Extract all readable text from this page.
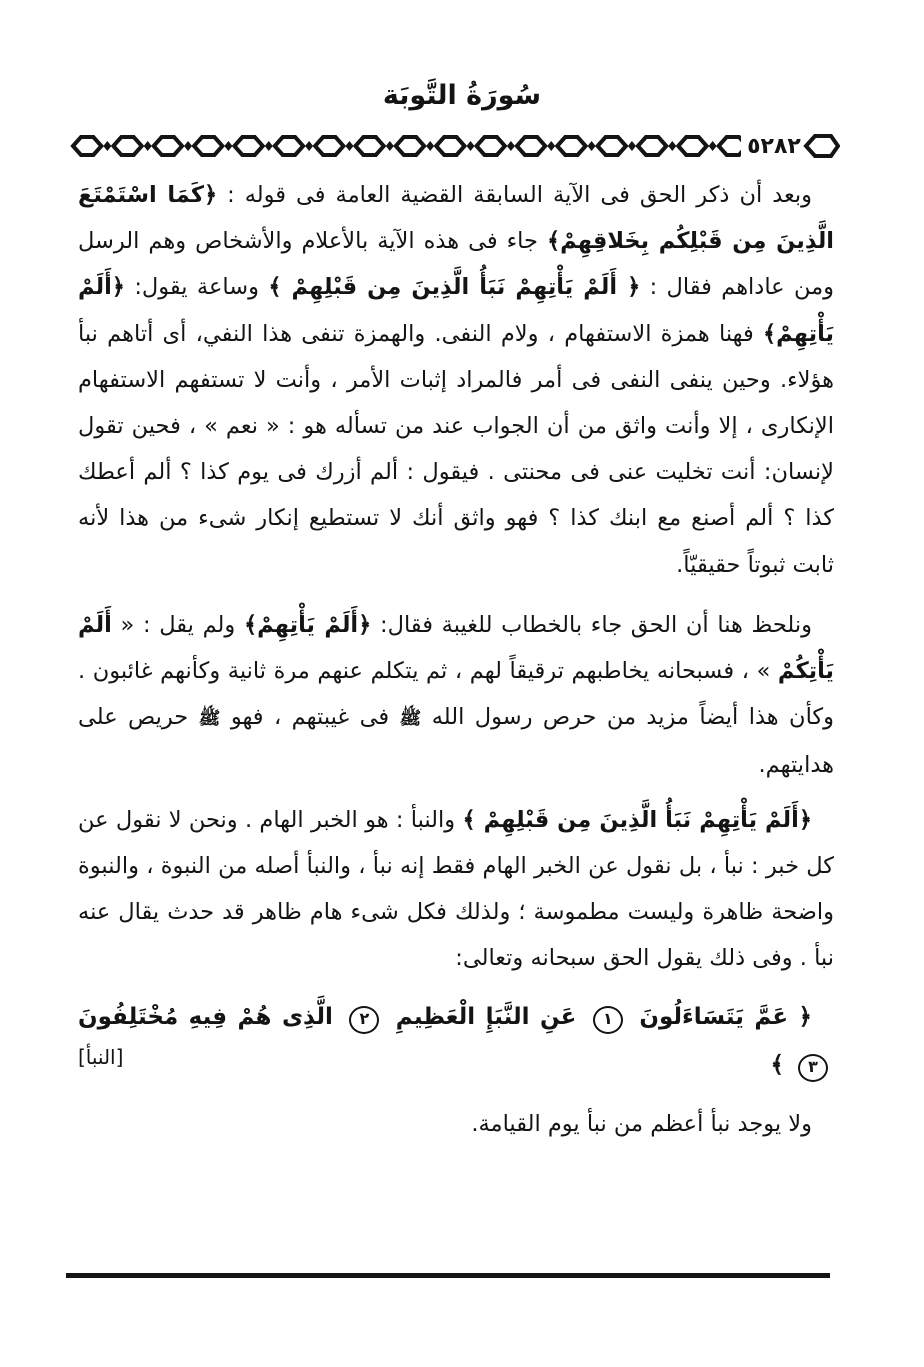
سُورَةُ التَّوبَة
٥٢٨٢

وبعد أن ذكر الحق فى الآية السابقة القضية العامة فى قوله : ﴿كَمَا اسْتَمْتَعَ الَّذِينَ مِن قَبْلِكُم بِخَلاقِهِمْ﴾ جاء فى هذه الآية بالأعلام والأشخاص وهم الرسل ومن عاداهم فقال : ﴿ أَلَمْ يَأْتِهِمْ نَبَأُ الَّذِينَ مِن قَبْلِهِمْ ﴾ وساعة يقول: ﴿أَلَمْ يَأْتِهِمْ﴾ فهنا همزة الاستفهام ، ولام النفى. والهمزة تنفى هذا النفي، أى أتاهم نبأ هؤلاء. وحين ينفى النفى فى أمر فالمراد إثبات الأمر ، وأنت لا تستفهم الاستفهام الإنكارى ، إلا وأنت واثق من أن الجواب عند من تسأله هو : « نعم » ، فحين تقول لإنسان: أنت تخليت عنى فى محنتى . فيقول : ألم أزرك فى يوم كذا ؟ ألم أعطك كذا ؟ ألم أصنع مع ابنك كذا ؟ فهو واثق أنك لا تستطيع إنكار شىء من هذا لأنه ثابت ثبوتاً حقيقيّاً.

ونلحظ هنا أن الحق جاء بالخطاب للغيبة فقال: ﴿أَلَمْ يَأْتِهِمْ﴾ ولم يقل : « أَلَمْ يَأْتِكُمْ » ، فسبحانه يخاطبهم ترقيقاً لهم ، ثم يتكلم عنهم مرة ثانية وكأنهم غائبون . وكأن هذا أيضاً مزيد من حرص رسول الله ﷺ فى غيبتهم ، فهو ﷺ حريص على هدايتهم.

﴿أَلَمْ يَأْتِهِمْ نَبَأُ الَّذِينَ مِن قَبْلِهِمْ ﴾ والنبأ : هو الخبر الهام . ونحن لا نقول عن كل خبر : نبأ ، بل نقول عن الخبر الهام فقط إنه نبأ ، والنبأ أصله من النبوة ، والنبوة واضحة ظاهرة وليست مطموسة ؛ ولذلك فكل شىء هام ظاهر قد حدث يقال عنه نبأ . وفى ذلك يقول الحق سبحانه وتعالى:

﴿ عَمَّ يَتَسَاءَلُونَ ١ عَنِ النَّبَإِ الْعَظِيمِ ٢ الَّذِى هُمْ فِيهِ مُخْتَلِفُونَ ٣ ﴾
[النبأ]

ولا يوجد نبأ أعظم من نبأ يوم القيامة.
